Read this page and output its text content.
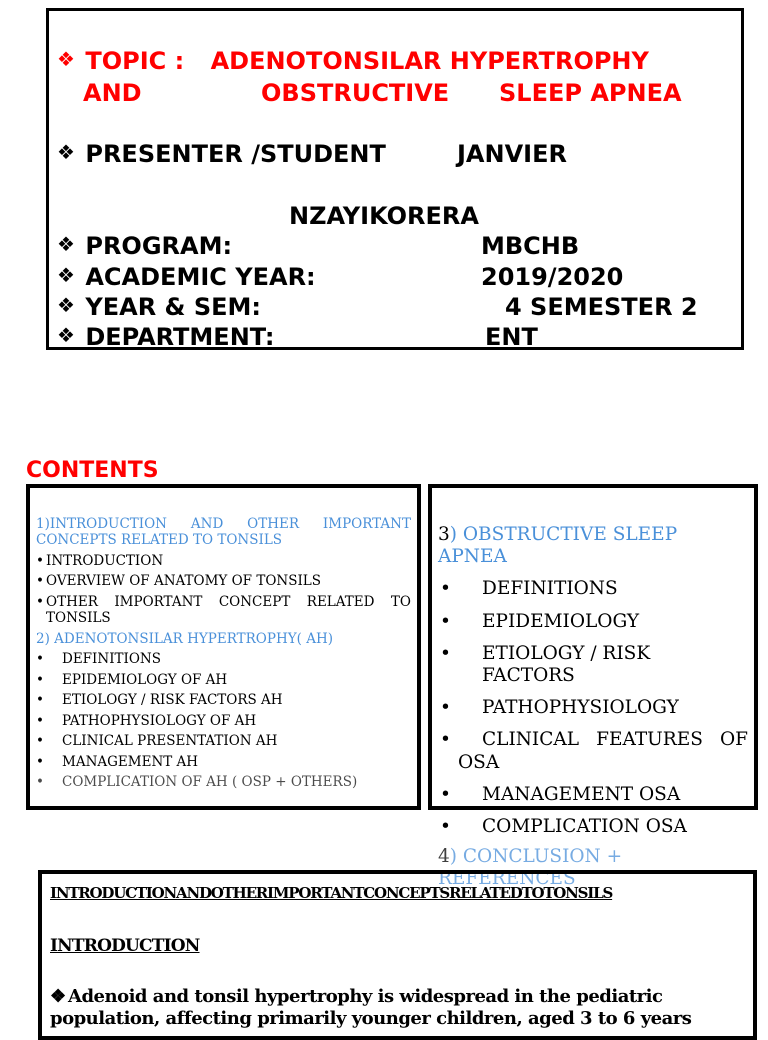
❖ TOPIC : ADENOTONSILAR HYPERTROPHY
AND	OBSTRUCTIVE SLEEP APNEA
❖ PRESENTER /STUDENT	JANVIER
NZAYIKORERA
❖ PROGRAM:	MBCHB
❖ ACADEMIC YEAR:	2019/2020
❖ YEAR & SEM:	4 SEMESTER 2
❖ DEPARTMENT:	ENT
CONTENTS
1)INTRODUCTION AND OTHER IMPORTANT
CONCEPTS RELATED TO TONSILS
• INTRODUCTION
• OVERVIEW OF ANATOMY OF TONSILS
• OTHER IMPORTANT CONCEPT RELATED TO
TONSILS
2) ADENOTONSILAR HYPERTROPHY( AH)
• DEFINITIONS
• EPIDEMIOLOGY OF AH
• ETIOLOGY / RISK FACTORS AH
• PATHOPHYSIOLOGY OF AH
• CLINICAL PRESENTATION AH
• MANAGEMENT AH
• COMPLICATION OF AH ( OSP + OTHERS)
3) OBSTRUCTIVE SLEEP APNEA
• DEFINITIONS
• EPIDEMIOLOGY
• ETIOLOGY / RISK FACTORS
• PATHOPHYSIOLOGY
• CLINICAL FEATURES OF
OSA
• MANAGEMENT OSA
• COMPLICATION OSA
4) CONCLUSION + REFERENCES
INTRODUCTIONANDOTHERIMPORTANTCONCEPTSRELATEDTOTONSILS
INTRODUCTION
❖ Adenoid and tonsil hypertrophy is widespread in the pediatric population, affecting primarily younger children, aged 3 to 6 years
